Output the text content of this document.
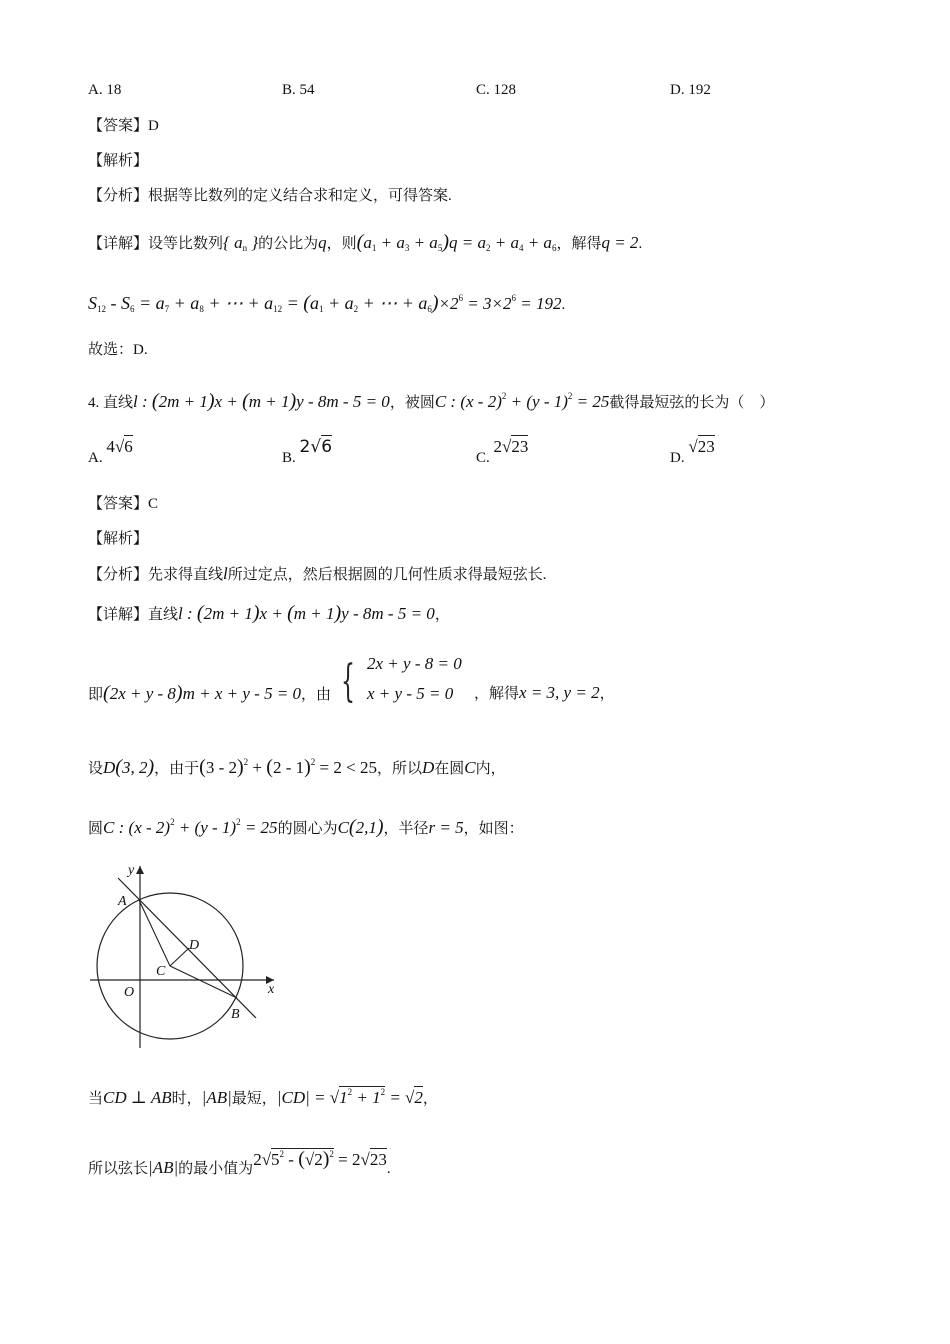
A. 18	B. 54	C. 128	D. 192
【答案】D
【解析】
【分析】根据等比数列的定义结合求和定义，可得答案.
【详解】设等比数列{ $a_n$ }的公比为q，则$(a_1 + a_3 + a_5)q = a_2 + a_4 + a_6$，解得q = 2.
$S_{12} - S_6 = a_7 + a_8$ + ⋯ + $a_{12} = (a_1 + a_2$ + ⋯ + $a_6)\times 2^6 = 3\times 2^6 = 192$.
故选：D.
4. 直线l : (2m + 1)x + (m + 1)y - 8m - 5 = 0，被圆C : (x - 2)$^2$ + (y - 1)$^2$ = 25截得最短弦的长为（　）
A. 4√6
B. 2√6
C. 2√23
D. √23
【答案】C
【解析】
【分析】先求得直线l所过定点，然后根据圆的几何性质求得最短弦长.
【详解】直线l : (2m + 1)x + (m + 1)y - 8m - 5 = 0，
即(2x + y - 8)m + x + y - 5 = 0，由 { 2x + y - 8 = 0
x + y - 5 = 0 ，解得x = 3, y = 2，
设D(3, 2)，由于(3 - 2)$^2$ + (2 - 1)$^2$ = 2 < 25，所以D在圆C内，
圆C : (x - 2)$^2$ + (y - 1)$^2$ = 25的圆心为C(2,1)，半径r = 5，如图：
y
x
O
A
B
C
D
当CD ⊥ AB时，|AB|最短，$|CD| = √1^2 + 1^2 = √2$，
所以弦长|AB|的最小值为$2√5^2 - (√2)^2 = 2√23$.
